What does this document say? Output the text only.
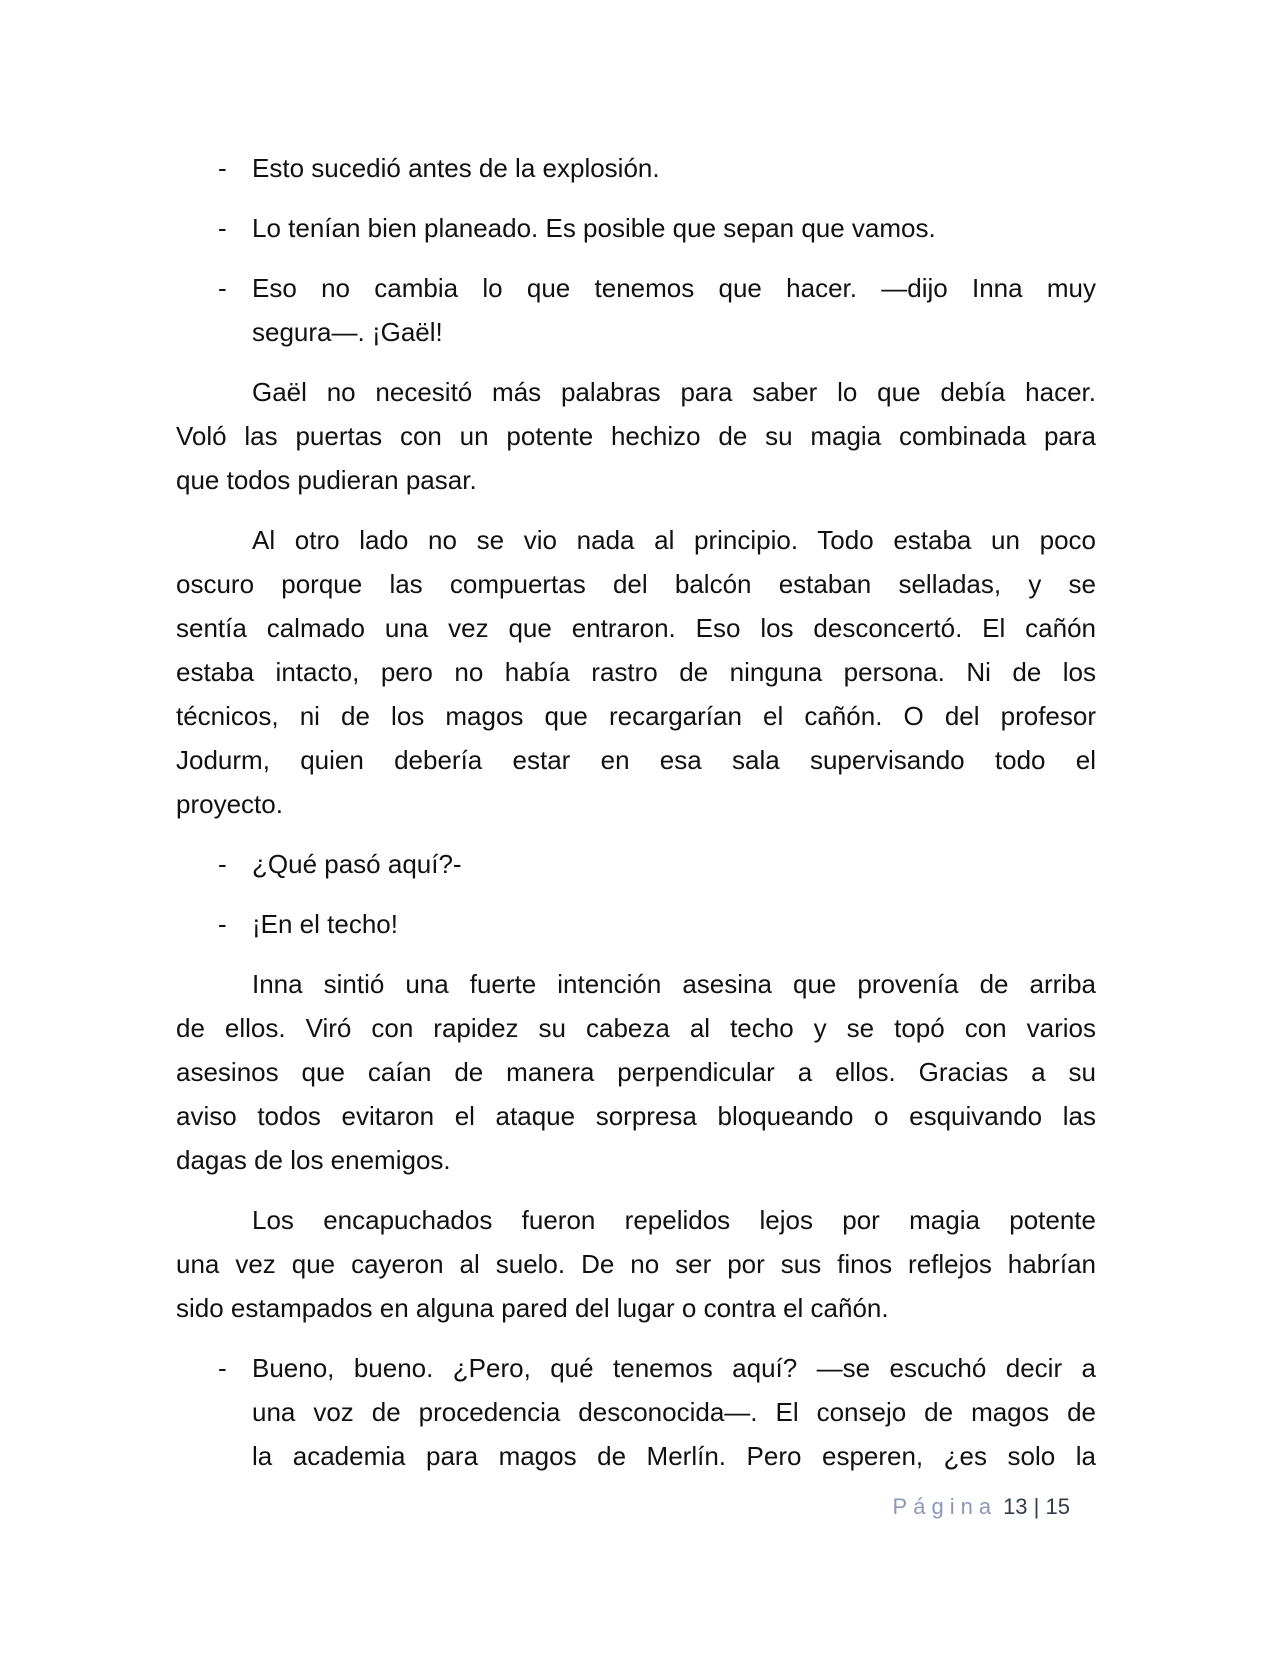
- Esto sucedió antes de la explosión.
- Lo tenían bien planeado. Es posible que sepan que vamos.
- Eso no cambia lo que tenemos que hacer. —dijo Inna muy
segura—. ¡Gaël!
Gaël no necesitó más palabras para saber lo que debía hacer.
Voló las puertas con un potente hechizo de su magia combinada para
que todos pudieran pasar.
Al otro lado no se vio nada al principio. Todo estaba un poco
oscuro porque las compuertas del balcón estaban selladas, y se
sentía calmado una vez que entraron. Eso los desconcertó. El cañón
estaba intacto, pero no había rastro de ninguna persona. Ni de los
técnicos, ni de los magos que recargarían el cañón. O del profesor
Jodurm, quien debería estar en esa sala supervisando todo el
proyecto.
- ¿Qué pasó aquí?-
- ¡En el techo!
Inna sintió una fuerte intención asesina que provenía de arriba
de ellos. Viró con rapidez su cabeza al techo y se topó con varios
asesinos que caían de manera perpendicular a ellos. Gracias a su
aviso todos evitaron el ataque sorpresa bloqueando o esquivando las
dagas de los enemigos.
Los encapuchados fueron repelidos lejos por magia potente
una vez que cayeron al suelo. De no ser por sus finos reflejos habrían
sido estampados en alguna pared del lugar o contra el cañón.
- Bueno, bueno. ¿Pero, qué tenemos aquí? —se escuchó decir a
una voz de procedencia desconocida—. El consejo de magos de
la academia para magos de Merlín. Pero esperen, ¿es solo la
Página 13 | 15
